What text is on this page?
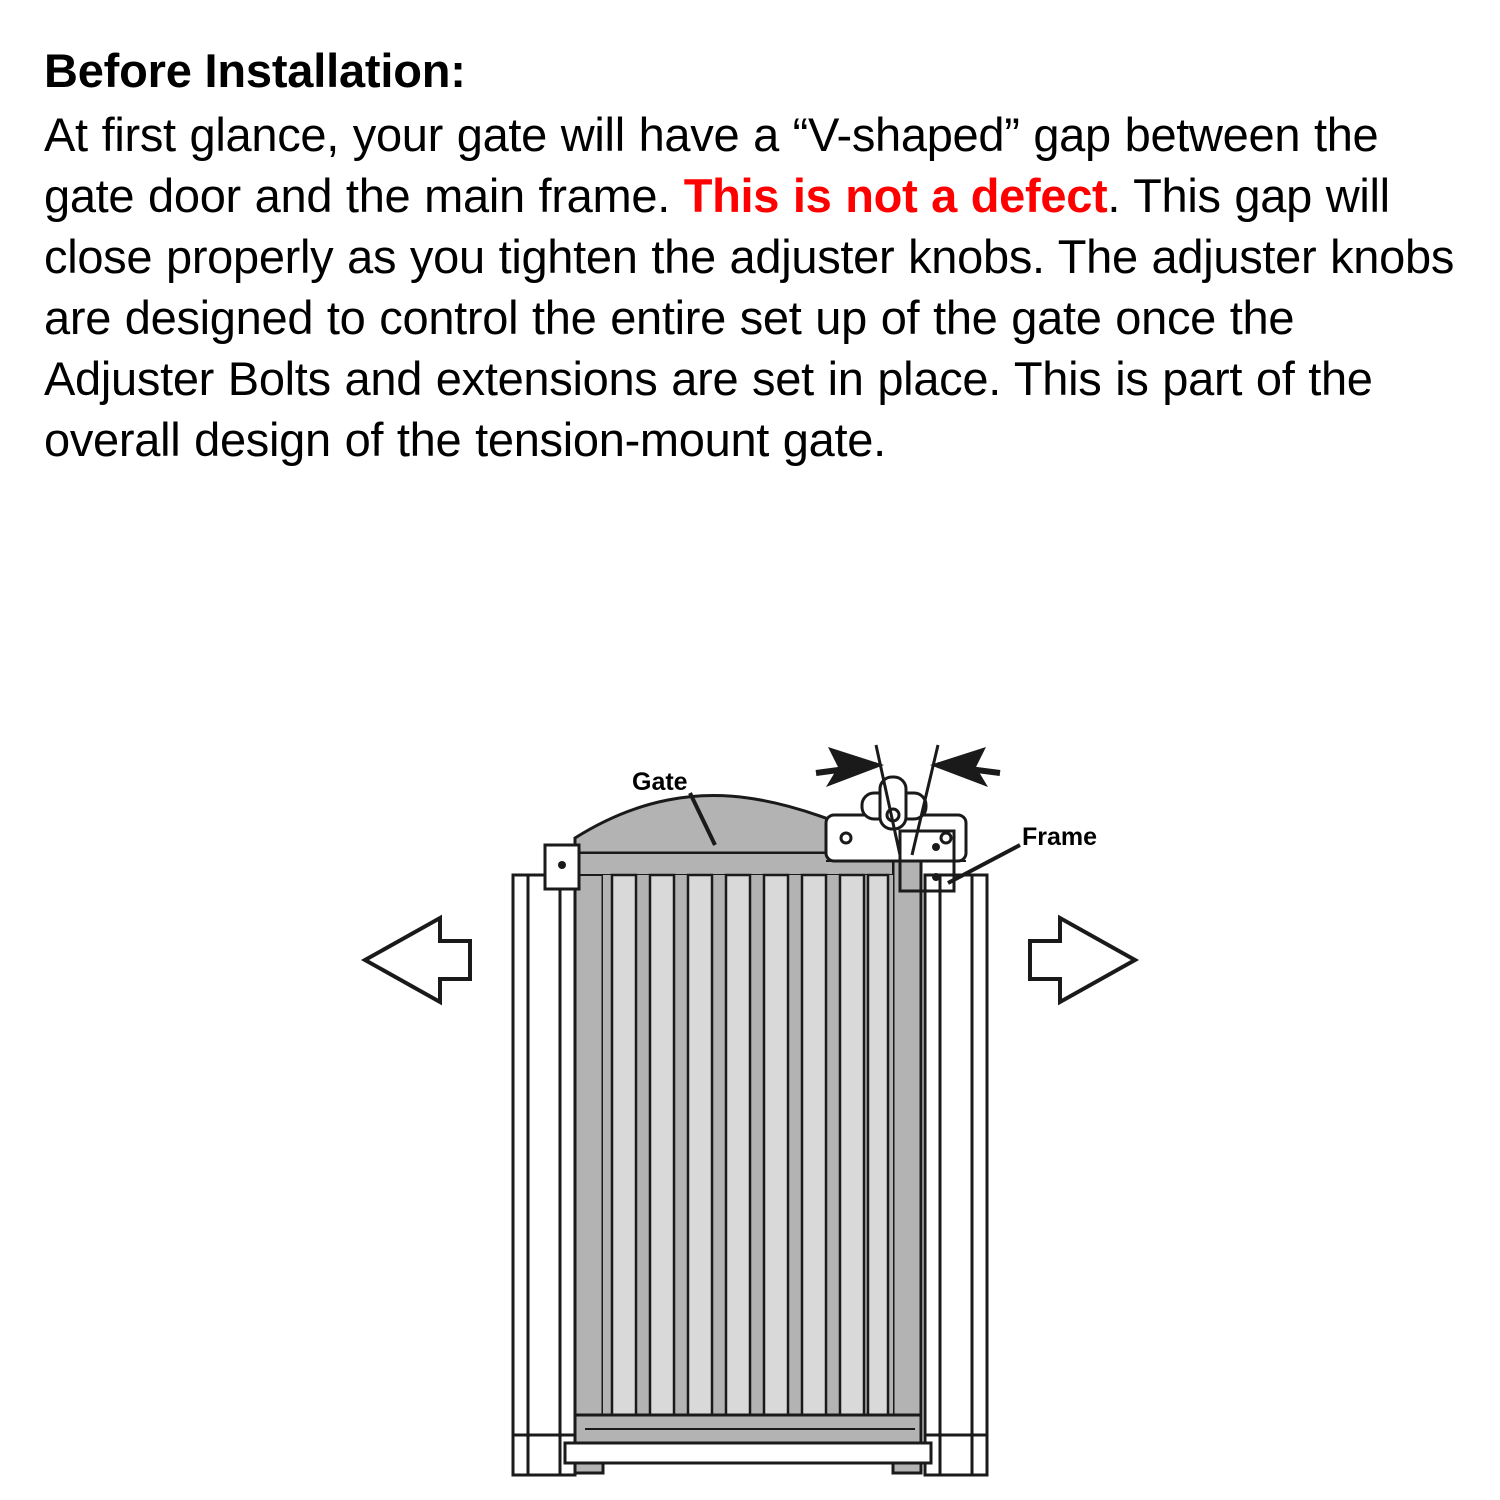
Before Installation:

At first glance, your gate will have a “V-shaped” gap between the gate door and the main frame. This is not a defect. This gap will close properly as you tighten the adjuster knobs. The adjuster knobs are designed to control the entire set up of the gate once the Adjuster Bolts and extensions are set in place. This is part of the overall design of the tension-mount gate.

Gate
Frame
